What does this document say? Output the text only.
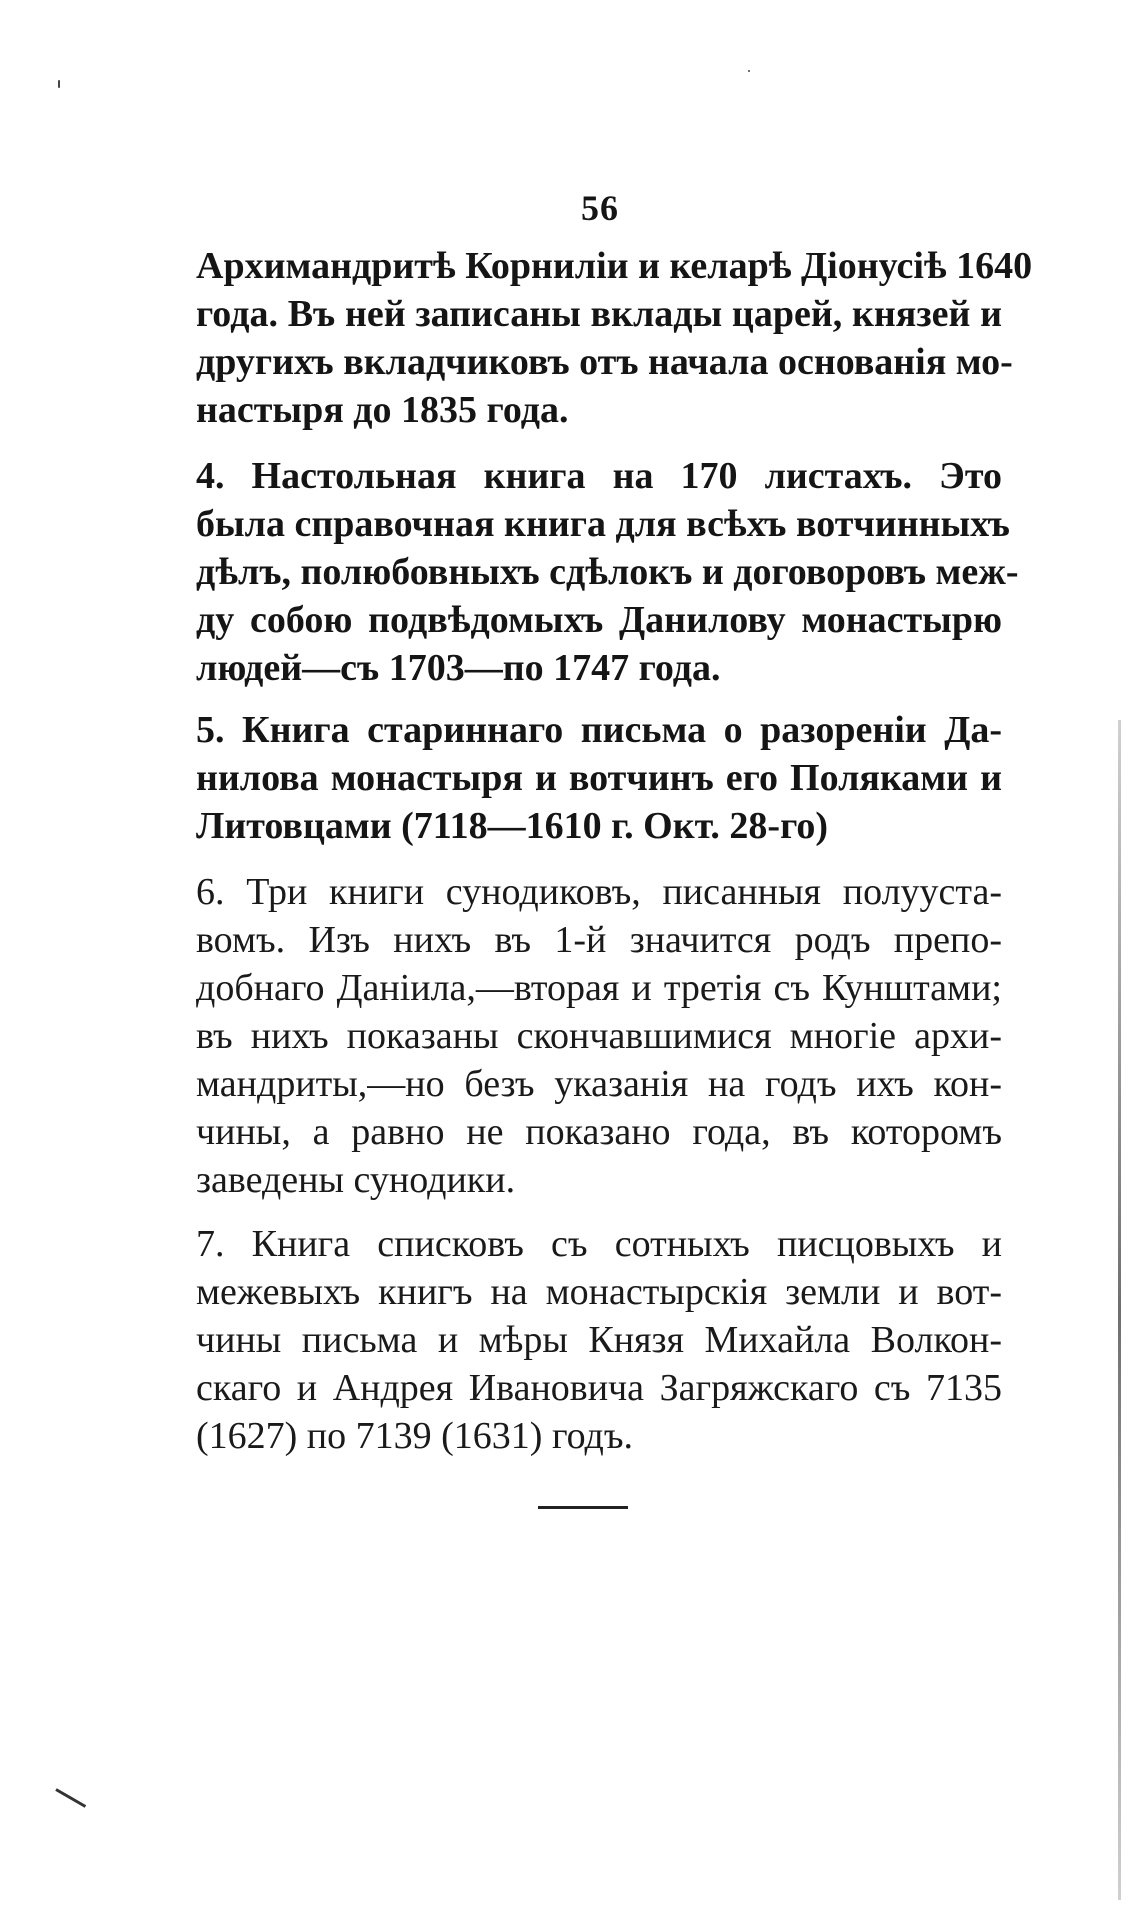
56
Архимандритѣ Корниліи и келарѣ Діонусіѣ 1640
года. Въ ней записаны вклады царей, князей и
другихъ вкладчиковъ отъ начала основанія мо-
настыря до 1835 года.
4. Настольная книга на 170 листахъ. Это
была справочная книга для всѣхъ вотчинныхъ
дѣлъ, полюбовныхъ сдѣлокъ и договоровъ меж-
ду собою подвѣдомыхъ Данилову монастырю
людей—съ 1703—по 1747 года.
5. Книга стариннаго письма о разореніи Да-
нилова монастыря и вотчинъ его Поляками и
Литовцами (7118—1610 г. Окт. 28-го)
6. Три книги сунодиковъ, писанныя полууста-
вомъ. Изъ нихъ въ 1-й значится родъ препо-
добнаго Даніила,—вторая и третія съ Кунштами;
въ нихъ показаны скончавшимися многіе архи-
мандриты,—но безъ указанія на годъ ихъ кон-
чины, а равно не показано года, въ которомъ
заведены сунодики.
7. Книга списковъ съ сотныхъ писцовыхъ и
межевыхъ книгъ на монастырскія земли и вот-
чины письма и мѣры Князя Михайла Волкон-
скаго и Андрея Ивановича Загряжскаго съ 7135
(1627) по 7139 (1631) годъ.
